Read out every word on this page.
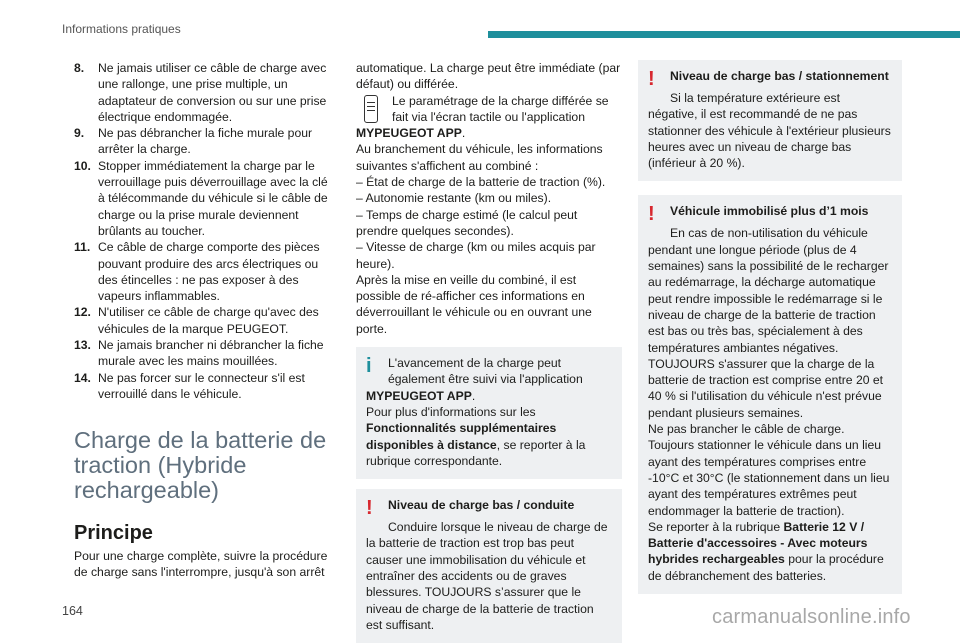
Informations pratiques
8.	Ne jamais utiliser ce câble de charge avec une rallonge, une prise multiple, un adaptateur de conversion ou sur une prise électrique endommagée.
9.	Ne pas débrancher la fiche murale pour arrêter la charge.
10. Stopper immédiatement la charge par le verrouillage puis déverrouillage avec la clé à télécommande du véhicule si le câble de charge ou la prise murale deviennent brûlants au toucher.
11. Ce câble de charge comporte des pièces pouvant produire des arcs électriques ou des étincelles : ne pas exposer à des vapeurs inflammables.
12. N'utiliser ce câble de charge qu'avec des véhicules de la marque PEUGEOT.
13. Ne jamais brancher ni débrancher la fiche murale avec les mains mouillées.
14. Ne pas forcer sur le connecteur s'il est verrouillé dans le véhicule.
Charge de la batterie de traction (Hybride rechargeable)
Principe

Pour une charge complète, suivre la procédure de charge sans l'interrompre, jusqu'à son arrêt

automatique. La charge peut être immédiate (par défaut) ou différée.

Le paramétrage de la charge différée se fait via l'écran tactile ou l'application

MYPEUGEOT APP.

Au branchement du véhicule, les informations suivantes s'affichent au combiné :

– État de charge de la batterie de traction (%).

– Autonomie restante (km ou miles).

– Temps de charge estimé (le calcul peut prendre quelques secondes).

– Vitesse de charge (km ou miles acquis par heure).

Après la mise en veille du combiné, il est possible de ré-afficher ces informations en déverrouillant le véhicule ou en ouvrant une porte.

i	L'avancement de la charge peut également être suivi via l'application

MYPEUGEOT APP.

Pour plus d'informations sur les

Fonctionnalités supplémentaires disponibles à distance, se reporter à la rubrique correspondante.

!	Niveau de charge bas / conduite

Conduire lorsque le niveau de charge de la batterie de traction est trop bas peut causer une immobilisation du véhicule et entraîner des accidents ou de graves blessures. TOUJOURS s’assurer que le niveau de charge de la batterie de traction est suffisant.

!	Niveau de charge bas / stationnement

Si la température extérieure est négative, il est recommandé de ne pas stationner des véhicule à l'extérieur plusieurs heures avec un niveau de charge bas (inférieur à 20 %).

!	Véhicule immobilisé plus d’1 mois

En cas de non-utilisation du véhicule pendant une longue période (plus de 4 semaines) sans la possibilité de le recharger au redémarrage, la décharge automatique peut rendre impossible le redémarrage si le niveau de charge de la batterie de traction est bas ou très bas, spécialement à des températures ambiantes négatives.

TOUJOURS s'assurer que la charge de la batterie de traction est comprise entre 20 et 40 % si l'utilisation du véhicule n'est prévue pendant plusieurs semaines.

Ne pas brancher le câble de charge.

Toujours stationner le véhicule dans un lieu ayant des températures comprises entre -10°C et 30°C (le stationnement dans un lieu ayant des températures extrêmes peut endommager la batterie de traction).

Se reporter à la rubrique Batterie 12 V / Batterie d'accessoires - Avec moteurs hybrides rechargeables pour la procédure de débranchement des batteries.

164	carmanualsonline.info
